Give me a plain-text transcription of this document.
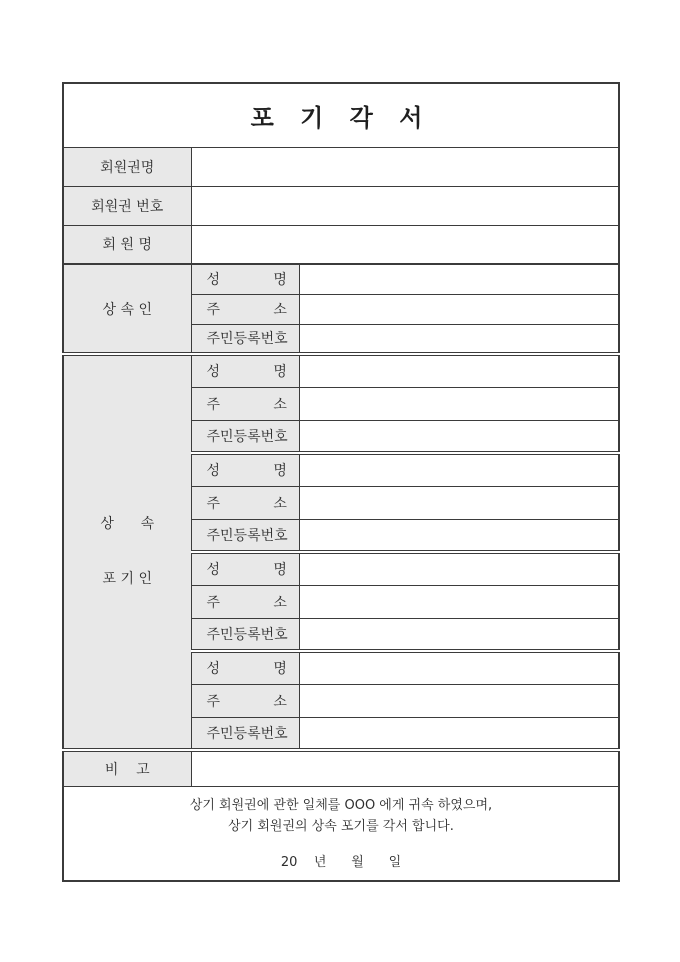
포 기 각 서		
회원권명		
회원권 번호		
회 원 명		
상 속 인	성            명	
	주            소	
	주민등록번호	

상      속

포 기 인	성            명	
	주            소	
	주민등록번호	
	성            명	
	주            소	
	주민등록번호	
	성            명	
	주            소	
	주민등록번호	
	성            명	
	주            소	
	주민등록번호	
비    고		

상기 회원권에 관한 일체를 OOO 에게 귀속 하였으며,
상기 회원권의 상속 포기를 각서 합니다.
20    년      월      일		
